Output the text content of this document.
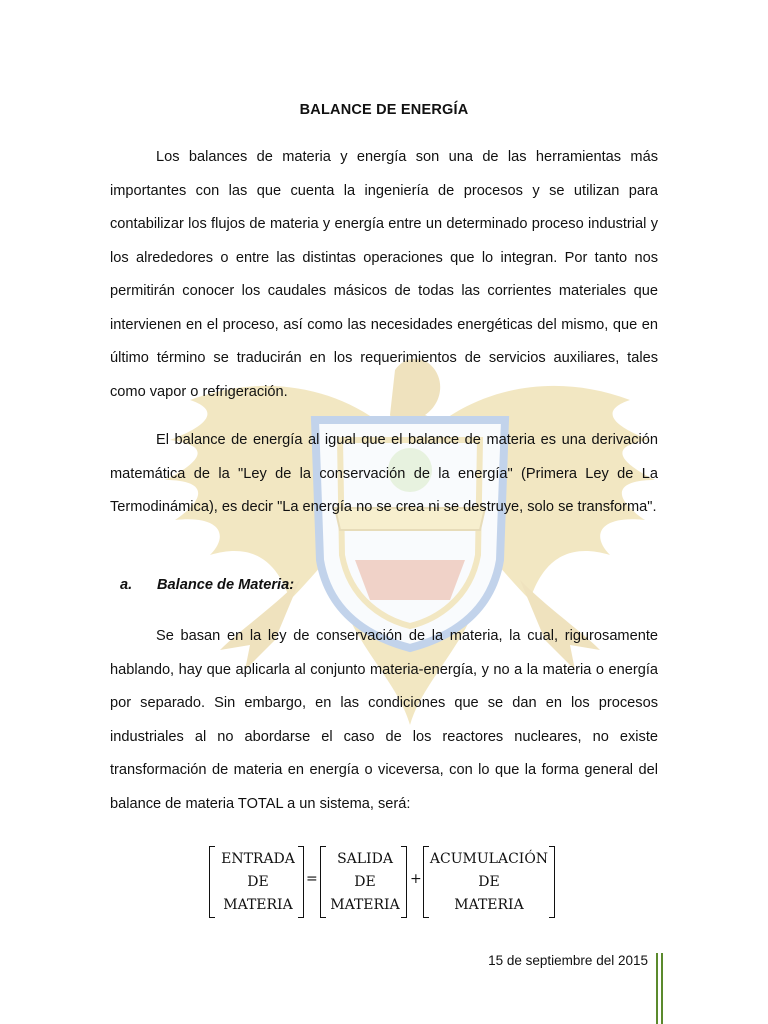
BALANCE DE ENERGÍA

Los balances de materia y energía son una de las herramientas más importantes con las que cuenta la ingeniería de procesos y se utilizan para contabilizar los flujos de materia y energía entre un determinado proceso industrial y los alrededores o entre las distintas operaciones que lo integran. Por tanto nos permitirán conocer los caudales másicos de todas las corrientes materiales que intervienen en el proceso, así como las necesidades energéticas del mismo, que en último término se traducirán en los requerimientos de servicios auxiliares, tales como vapor o refrigeración.

El balance de energía al igual que el balance de materia es una derivación matemática de la "Ley de la conservación de la energía" (Primera Ley de La Termodinámica), es decir "La energía no se crea ni se destruye, solo se transforma".

a. Balance de Materia:

Se basan en la ley de conservación de la materia, la cual, rigurosamente hablando, hay que aplicarla al conjunto materia-energía, y no a la materia o energía por separado. Sin embargo, en las condiciones que se dan en los procesos industriales al no abordarse el caso de los reactores nucleares, no existe transformación de materia en energía o viceversa, con lo que la forma general del balance de materia TOTAL a un sistema, será:

ENTRADA
DE
MATERIA
=
SALIDA
DE
MATERIA
+
ACUMULACIÓN
DE
MATERIA
15 de septiembre del 2015
